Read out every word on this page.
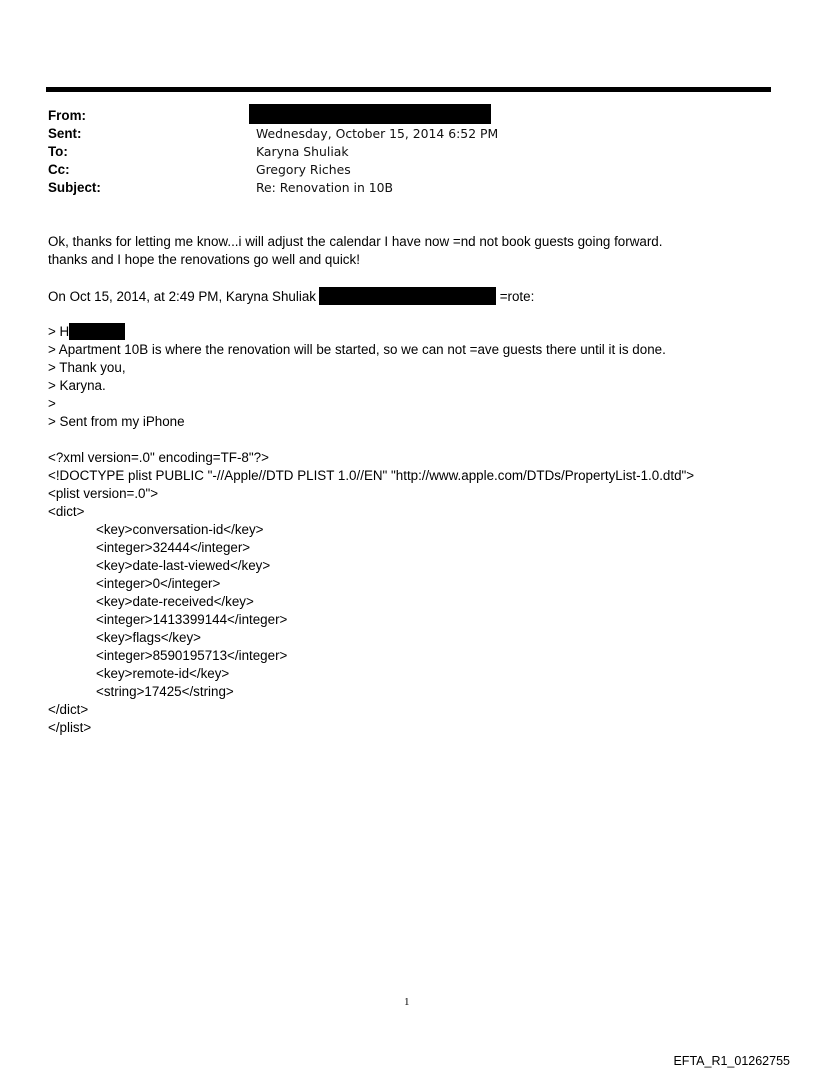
From:
Sent:	Wednesday, October 15, 2014 6:52 PM
To:	Karyna Shuliak
Cc:	Gregory Riches
Subject:	Re: Renovation in 10B
Ok, thanks for letting me know...i will adjust the calendar I have now =nd not book guests going forward.
thanks and I hope the renovations go well and quick!
On Oct 15, 2014, at 2:49 PM, Karyna Shuliak	=rote:
> H
> Apartment 10B is where the renovation will be started, so we can not =ave guests there until it is done.
> Thank you,
> Karyna.
>
> Sent from my iPhone
<?xml version=.0" encoding=TF-8"?>
<!DOCTYPE plist PUBLIC "-//Apple//DTD PLIST 1.0//EN" "http://www.apple.com/DTDs/PropertyList-1.0.dtd">
<plist version=.0">
<dict>
<key>conversation-id</key>
<integer>32444</integer>
<key>date-last-viewed</key>
<integer>0</integer>
<key>date-received</key>
<integer>1413399144</integer>
<key>flags</key>
<integer>8590195713</integer>
<key>remote-id</key>
<string>17425</string>
</dict>
</plist>
1
EFTA_R1_01262755
